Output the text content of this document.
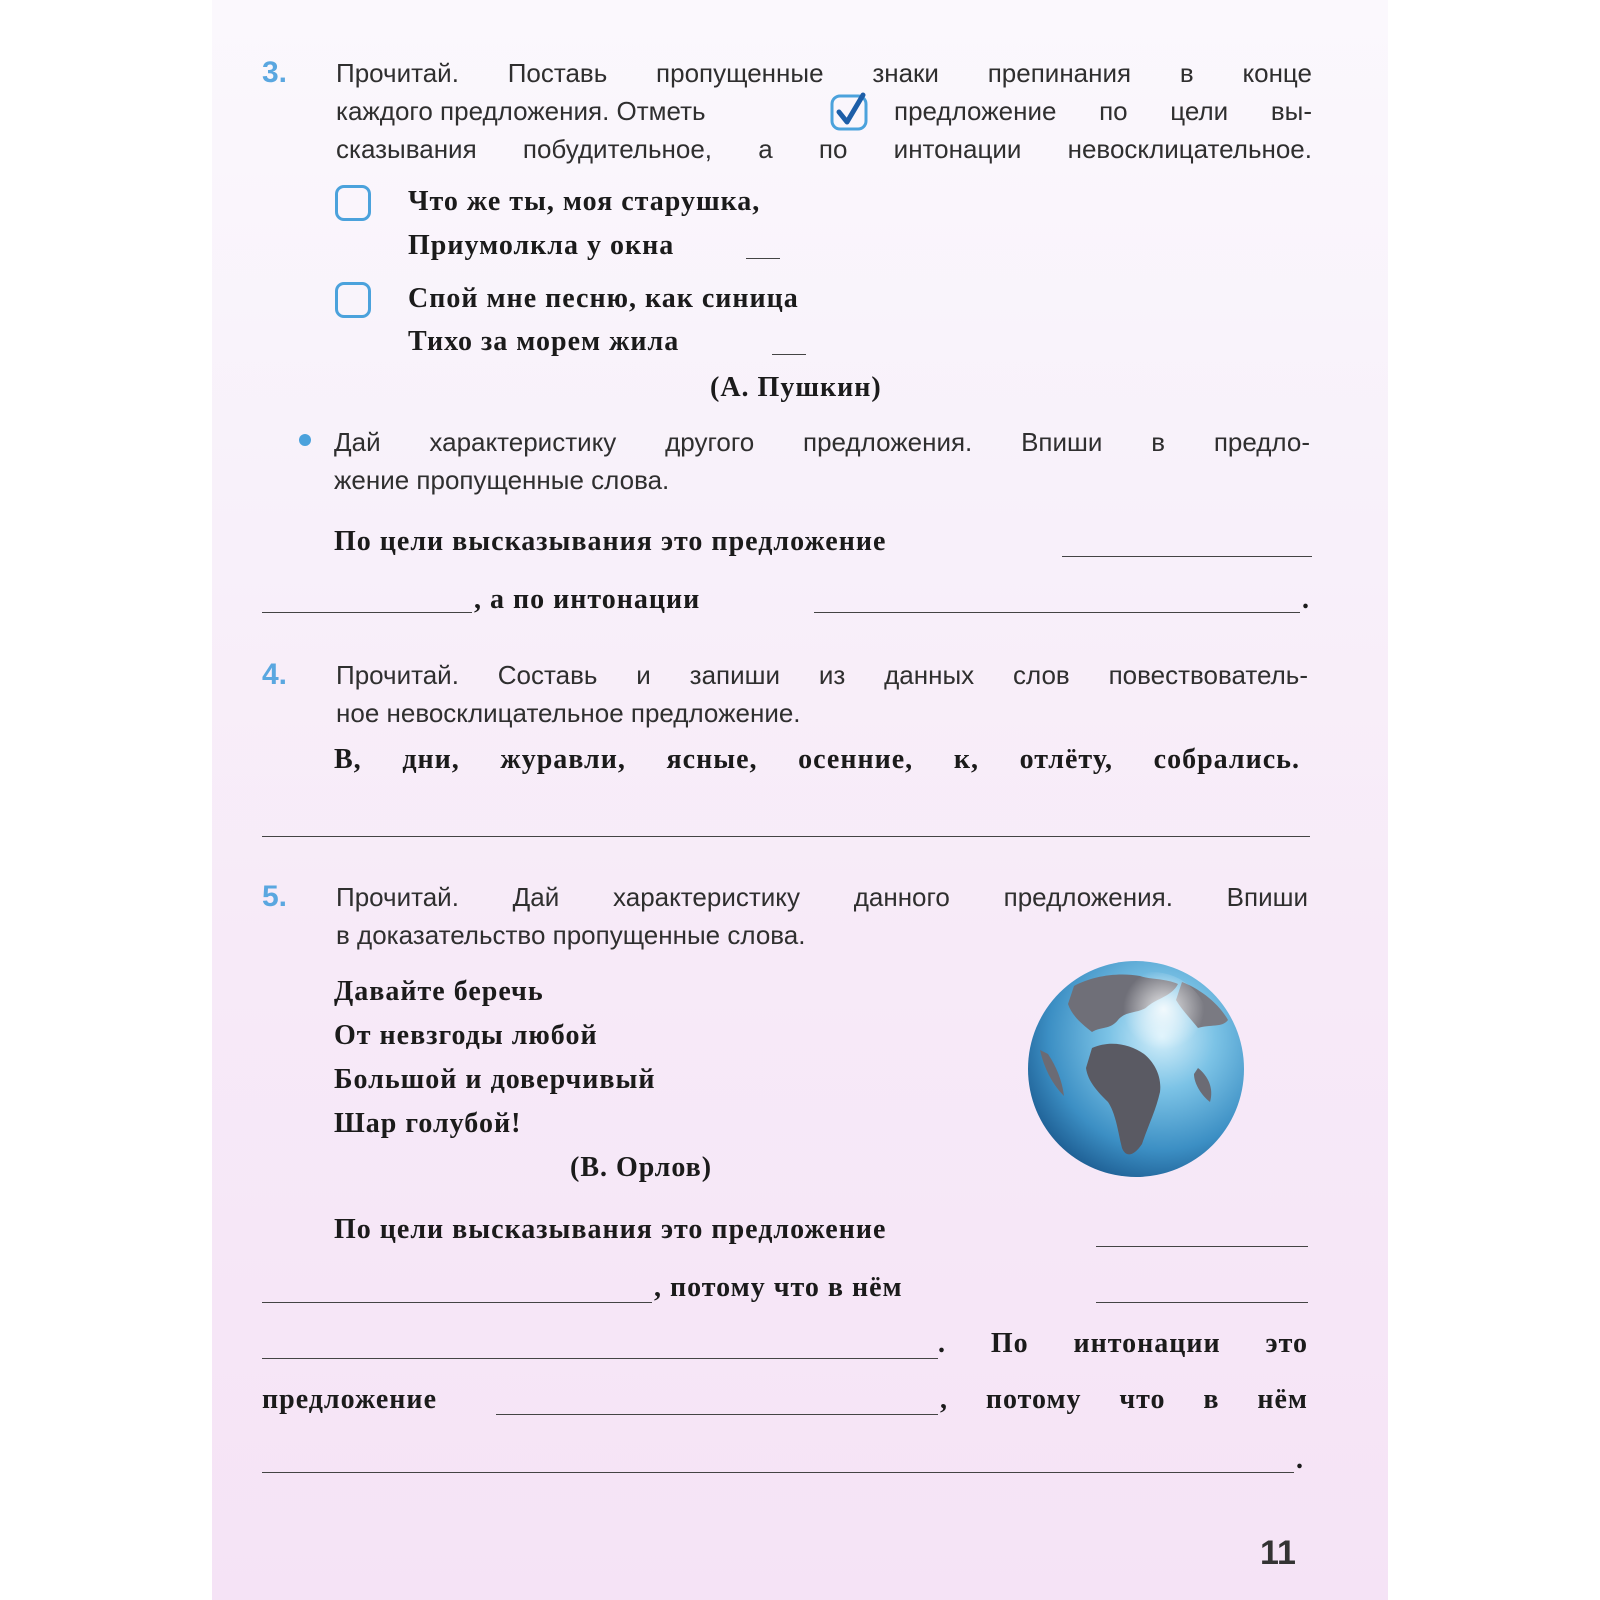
3. Прочитай. Поставь пропущенные знаки препинания в конце
каждого предложения. Отметь	предложение по цели вы-
сказывания побудительное, а по интонации невосклицательное.
Что же ты, моя старушка,
Приумолкла у окна
Спой мне песню, как синица
Тихо за морем жила
(А. Пушкин)
Дай характеристику другого предложения. Впиши в предло-
жение пропущенные слова.
По цели высказывания это предложение
, а по интонации	.
4. Прочитай. Составь и запиши из данных слов повествователь-
ное невосклицательное предложение.
В, дни, журавли, ясные, осенние, к, отлёту, собрались.
5. Прочитай. Дай характеристику данного предложения. Впиши
в доказательство пропущенные слова.
Давайте беречь
От невзгоды любой
Большой и доверчивый
Шар голубой!
(В. Орлов)
По цели высказывания это предложение
, потому что в нём
. По интонации это
предложение	, потому что в нём
.
11
